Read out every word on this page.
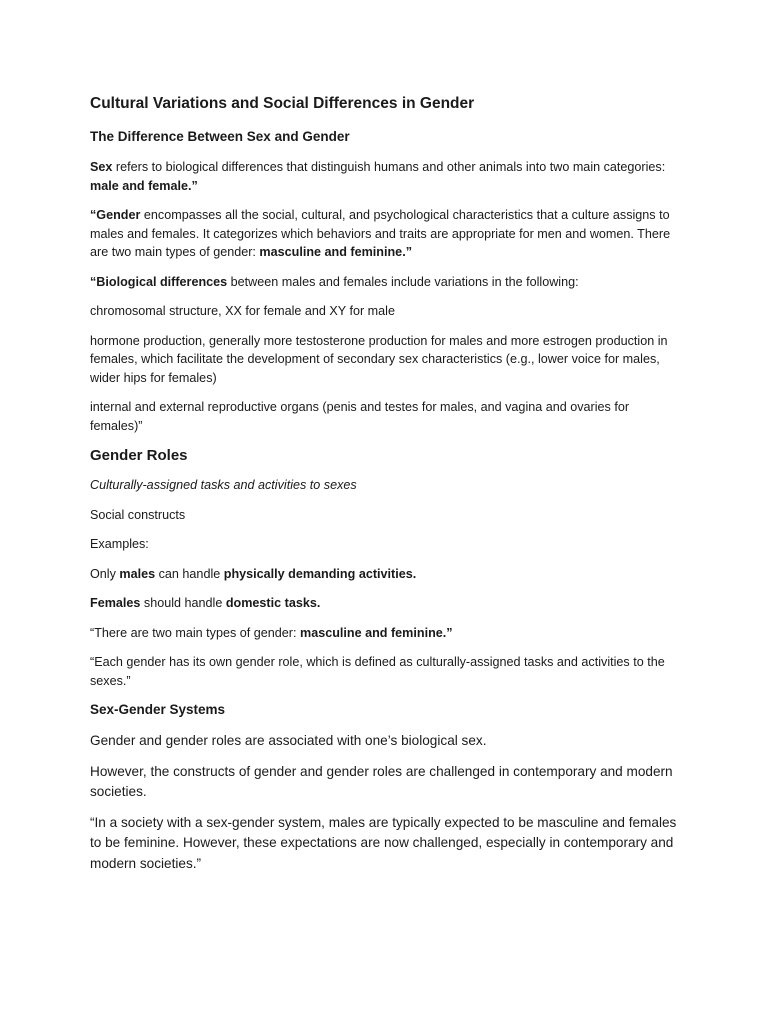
Cultural Variations and Social Differences in Gender
The Difference Between Sex and Gender

Sex refers to biological differences that distinguish humans and other animals into two main categories: male and female.”

“Gender encompasses all the social, cultural, and psychological characteristics that a culture assigns to males and females. It categorizes which behaviors and traits are appropriate for men and women. There are two main types of gender: masculine and feminine.”

“Biological differences between males and females include variations in the following:

chromosomal structure, XX for female and XY for male

hormone production, generally more testosterone production for males and more estrogen production in females, which facilitate the development of secondary sex characteristics (e.g., lower voice for males, wider hips for females)

internal and external reproductive organs (penis and testes for males, and vagina and ovaries for females)”

Gender Roles

Culturally-assigned tasks and activities to sexes

Social constructs

Examples:

Only males can handle physically demanding activities.

Females should handle domestic tasks.

“There are two main types of gender: masculine and feminine.”

“Each gender has its own gender role, which is defined as culturally-assigned tasks and activities to the sexes.”

Sex-Gender Systems

Gender and gender roles are associated with one’s biological sex.

However, the constructs of gender and gender roles are challenged in contemporary and modern societies.

“In a society with a sex-gender system, males are typically expected to be masculine and females to be feminine. However, these expectations are now challenged, especially in contemporary and modern societies.”
